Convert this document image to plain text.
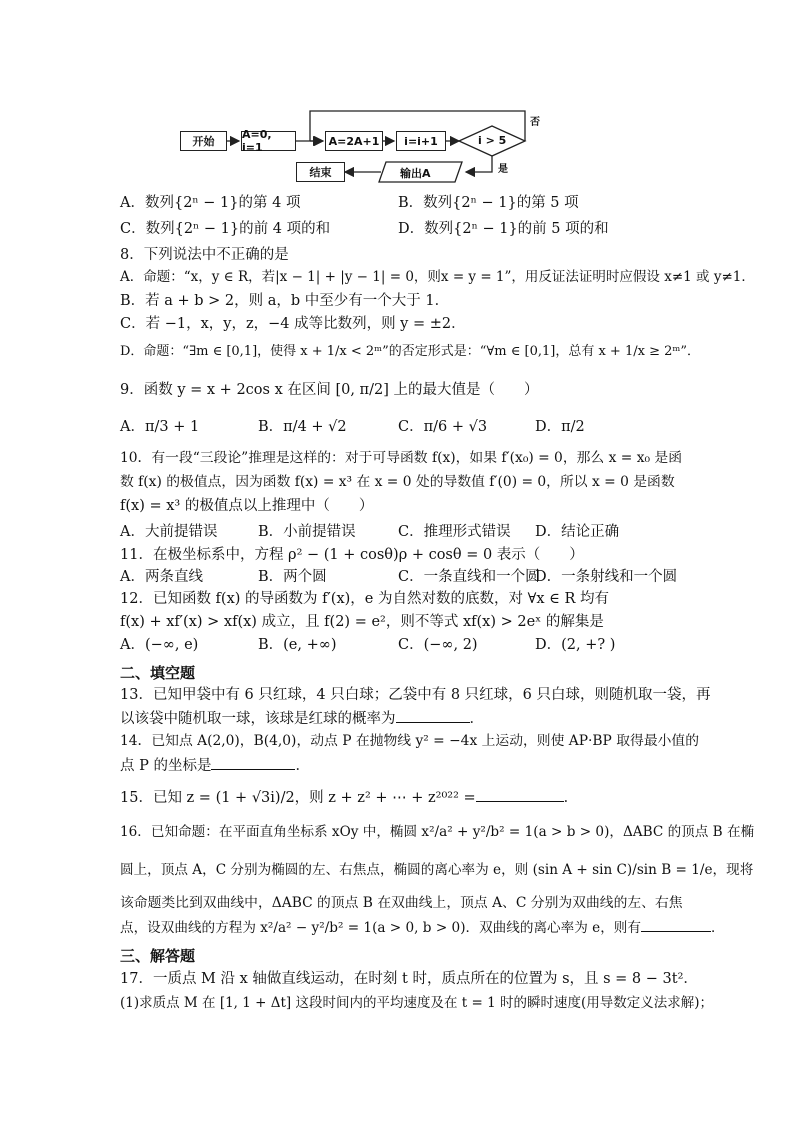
开始
A=0, i=1	A=2A+1	i=i+1	i > 5
否
是
输出A
结束
A．数列{2ⁿ − 1}的第 4 项	B．数列{2ⁿ − 1}的第 5 项
C．数列{2ⁿ − 1}的前 4 项的和	D．数列{2ⁿ − 1}的前 5 项的和
8．下列说法中不正确的是
A．命题：“x，y ∈ R，若|x − 1| + |y − 1| = 0，则x = y = 1”，用反证法证明时应假设 x≠1 或 y≠1．
B．若 a + b > 2，则 a，b 中至少有一个大于 1．
C．若 −1，x，y，z，−4 成等比数列，则 y = ±2．
D．命题：“∃m ∈ [0,1]，使得 x + 1/x < 2ᵐ”的否定形式是：“∀m ∈ [0,1]，总有 x + 1/x ≥ 2ᵐ”．
9．函数 y = x + 2cos x 在区间 [0, π/2] 上的最大值是（　　）
A．π/3 + 1	B．π/4 + √2	C．π/6 + √3	D．π/2
10．有一段“三段论”推理是这样的：对于可导函数 f(x)，如果 f′(x₀) = 0，那么 x = x₀ 是函
数 f(x) 的极值点，因为函数 f(x) = x³ 在 x = 0 处的导数值 f′(0) = 0，所以 x = 0 是函数
f(x) = x³ 的极值点以上推理中（　　）
A．大前提错误	B．小前提错误	C．推理形式错误 D．结论正确
11．在极坐标系中，方程 ρ² − (1 + cosθ)ρ + cosθ = 0 表示（　　）
A．两条直线	B．两个圆	C．一条直线和一个圆
D．一条射线和一个圆
12．已知函数 f(x) 的导函数为 f′(x)，e 为自然对数的底数，对 ∀x ∈ R 均有
f(x) + xf′(x) > xf(x) 成立，且 f(2) = e²，则不等式 xf(x) > 2eˣ 的解集是
A．(−∞, e)	B．(e, +∞)	C．(−∞, 2)	D．(2, +? )
二、填空题
13．已知甲袋中有 6 只红球，4 只白球；乙袋中有 8 只红球，6 只白球，则随机取一袋，再
以该袋中随机取一球，该球是红球的概率为	．
14．已知点 A(2,0)，B(4,0)，动点 P 在抛物线 y² = −4x 上运动，则使 AP·BP 取得最小值的
点 P 的坐标是	．
15．已知 z = (1 + √3i)/2，则 z + z² + ⋯ + z²⁰²² =	．
16．已知命题：在平面直角坐标系 xOy 中，椭圆 x²/a² + y²/b² = 1(a > b > 0)，ΔABC 的顶点 B 在椭
圆上，顶点 A，C 分别为椭圆的左、右焦点，椭圆的离心率为 e，则 (sin A + sin C)/sin B = 1/e，现将
该命题类比到双曲线中，ΔABC 的顶点 B 在双曲线上，顶点 A、C 分别为双曲线的左、右焦
点，设双曲线的方程为 x²/a² − y²/b² = 1(a > 0, b > 0)．双曲线的离心率为 e，则有	．
三、解答题
17．一质点 M 沿 x 轴做直线运动，在时刻 t 时，质点所在的位置为 s，且 s = 8 − 3t²．
(1)求质点 M 在 [1, 1 + Δt] 这段时间内的平均速度及在 t = 1 时的瞬时速度(用导数定义法求解)；
